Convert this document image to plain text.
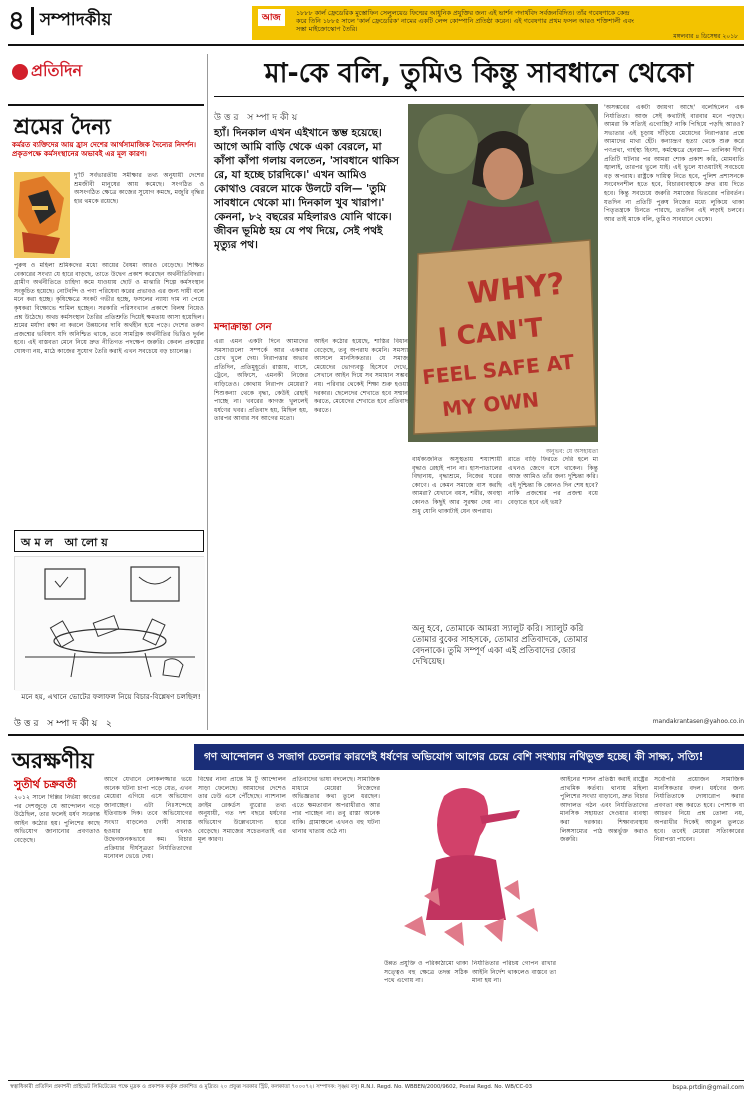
৪ সম্পাদকীয়	আজ	১৮৮৮ কার্ল ফ্রেডেরিক মুস্তোফিন সেলুলয়েড ফিল্মের আধুনিক প্রযুক্তির জন্য এই ভার্শন পদার্থবিদ সর্বজনবিদিত। তাঁর গবেষণাকে কেন্দ্র করে তিনি ১৮৮৫ সালে 'কার্ল ফ্রেডেরিক' নামের একটি লেন্স কোম্পানি প্রতিষ্ঠা করেন। এই গবেষণার প্রথম ফসল আরও শক্তিশালী এবং সস্তা মাইক্রোস্কোপ তৈরি।
মঙ্গলবার ৪ ডিসেম্বর ২০১৮
প্রতিদিন
শ্রমের দৈন্য
কর্মরত ব্যক্তিদের আয় হ্রাস দেশের আর্থসামাজিক দৈন্যের নিদর্শন। প্রকৃতপক্ষে কর্মসংস্থানের অভাবই এর মূল কারণ।
দু'টি সর্বভারতীয় সমীক্ষার তথ্য অনুযায়ী দেশের শ্রমজীবী মানুষের আয় কমেছে। সংগঠিত ও অসংগঠিত ক্ষেত্রে কাজের সুযোগ কমছে, মজুরি বৃদ্ধির হার থমকে রয়েছে।
পুরুষ ও মহিলা শ্রমিকদের মধ্যে আয়ের বৈষম্য আরও বেড়েছে। শিক্ষিত বেকারের সংখ্যা যে হারে বাড়ছে, তাতে উদ্বেগ প্রকাশ করেছেন অর্থনীতিবিদরা। গ্রামীণ অর্থনীতিতে চাহিদা কমে যাওয়ায় ছোট ও মাঝারি শিল্পে কর্মসংস্থান সংকুচিত হয়েছে। নোটবন্দি ও পণ্য পরিষেবা করের প্রভাবও এর জন্য দায়ী বলে মনে করা হচ্ছে। কৃষিক্ষেত্রে সংকট গভীর হচ্ছে, ফসলের ন্যায্য দাম না পেয়ে কৃষকরা বিক্ষোভে শামিল হচ্ছেন। সরকারি পরিসংখ্যান প্রকাশে বিলম্ব নিয়েও প্রশ্ন উঠেছে। অথচ কর্মসংস্থান তৈরির প্রতিশ্রুতি দিয়েই ক্ষমতায় আসা হয়েছিল। শ্রমের মর্যাদা রক্ষা না করলে উন্নয়নের দাবি অর্থহীন হয়ে পড়ে। দেশের তরুণ প্রজন্মের ভবিষ্যৎ যদি অনিশ্চিত থাকে, তবে সামগ্রিক অর্থনীতির ভিত্তিও দুর্বল হবে। এই বাস্তবতা মেনে নিয়ে দ্রুত নীতিগত পদক্ষেপ জরুরি। কেবল প্রকল্পের ঘোষণা নয়, মাঠে কাজের সুযোগ তৈরি করাই এখন সবচেয়ে বড় চ্যালেঞ্জ।
অমল আলোয়
মনে হয়, এখানে ভোটের ফলাফল নিয়ে বিচার-বিশ্লেষণ চলছিল!
উত্তর সম্পাদকীয় ২
মা-কে বলি, তুমিও কিন্তু সাবধানে থেকো
উত্তর সম্পাদকীয়
হ্যাঁ। দিনকাল এখন এইখানে স্তম্ভ হয়েছে। আগে আমি বাড়ি থেকে একা বেরলে, মা কাঁপা কাঁপা গলায় বলতেন, 'সাবধানে থাকিস রে, যা হচ্ছে চারদিকে।' এখন আমিও কোথাও বেরলে মাকে উলটে বলি— 'তুমি সাবধানে থেকো মা। দিনকাল খুব খারাপ।' কেননা, ৮২ বছরের মহিলারও যোনি থাকে। জীবন ভূমিষ্ঠ হয় যে পথ দিয়ে, সেই পথই মৃত্যুর পথ।
মন্দাক্রান্তা সেন
এরা এমন একটা দিনে আমাদের সমস্যাগুলো সম্পর্কে আর একবার চোখ খুলে দেয়। নিরাপত্তার অভাব প্রতিদিন, প্রতিমুহূর্তে। রাস্তায়, বাসে, ট্রেনে, অফিসে, এমনকী নিজের বাড়িতেও। কোথায় নিরাপদ মেয়েরা? শিশুকন্যা থেকে বৃদ্ধা, কেউই রেহাই পাচ্ছে না। খবরের কাগজ খুললেই ধর্ষণের খবর। প্রতিবাদ হয়, মিছিল হয়, তারপর আবার সব আগের মতো।
আইন কঠোর হয়েছে, শাস্তির বিধান বেড়েছে, তবু অপরাধ কমেনি। সমস্যা আসলে মানসিকতার। যে সমাজ মেয়েদের ভোগ্যবস্তু হিসেবে দেখে, সেখানে আইন দিয়ে সব সমাধান সম্ভব নয়। পরিবার থেকেই শিক্ষা শুরু হওয়া দরকার। ছেলেদের শেখাতে হবে সম্মান করতে, মেয়েদের শেখাতে হবে প্রতিবাদ করতে।
WHY?
I CAN'T
FEEL SAFE AT
MY OWN
অনুভব: যে অসহায়তা
বার্ধক্যজনিত অসুস্থতায় শয্যাশায়ী বৃদ্ধাও রেহাই পান না। হাসপাতালের বিছানায়, বৃদ্ধাশ্রমে, নিজের ঘরের কোণে। এ কেমন সমাজে বাস করছি আমরা? যেখানে বয়স, শরীর, অবস্থা কোনও কিছুই আর সুরক্ষা দেয় না। শুধু যোনি থাকাটাই যেন অপরাধ।
রাতে বাড়ি ফিরতে দেরি হলে মা এখনও জেগে বসে থাকেন। কিন্তু আজ আমিও তাঁর জন্য দুশ্চিন্তা করি। এই দুশ্চিন্তা কি কোনও দিন শেষ হবে? নাকি প্রজন্মের পর প্রজন্ম বয়ে বেড়াতে হবে এই ভয়?
অনু হবে, তোমাকে আমরা স্যালুট করি। স্যালুট করি তোমার বুকের সাহসকে, তোমার প্রতিবাদকে, তোমার বেদনাকে। তুমি সম্পূর্ণ একা এই প্রতিবাদের জোর দেখিয়েছ।
'অসম্ভবের একটা জায়গা আছে' বলেছিলেন এক নির্যাতিতা। আজ সেই কথাটাই বারবার মনে পড়ছে। আমরা কি সত্যিই এগোচ্ছি? নাকি পিছিয়ে পড়ছি আরও? সভ্যতার এই চূড়ায় দাঁড়িয়ে মেয়েদের নিরাপত্তার প্রশ্নে আমাদের মাথা হেঁট। কন্যাভ্রূণ হত্যা থেকে শুরু করে পণপ্রথা, গার্হস্থ্য হিংসা, কর্মক্ষেত্রে হেনস্তা— তালিকা দীর্ঘ। প্রতিটি ঘটনার পর আমরা শোক প্রকাশ করি, মোমবাতি জ্বালাই, তারপর ভুলে যাই। এই ভুলে যাওয়াটাই সবচেয়ে বড় অপরাধ। রাষ্ট্রকে দায়িত্ব নিতে হবে, পুলিশ প্রশাসনকে সংবেদনশীল হতে হবে, বিচারব্যবস্থাকে দ্রুত রায় দিতে হবে। কিন্তু সবচেয়ে জরুরি সমাজের ভিতরের পরিবর্তন। যতদিন না প্রতিটি পুরুষ নিজের মধ্যে লুকিয়ে থাকা পিতৃতন্ত্রকে চিনতে পারছে, ততদিন এই লড়াই চলবে। আর তাই মাকে বলি, তুমিও সাবধানে থেকো।
mandakrantasen@yahoo.co.in
অরক্ষণীয়	গণ আন্দোলন ও সজাগ চেতনার কারণেই ধর্ষণের অভিযোগ আগের চেয়ে বেশি সংখ্যায় নথিভুক্ত হচ্ছে। কী সাক্ষ্য, সত্যি!
সুতীর্থ চক্রবর্তী
২০১২ সালে দিল্লির নির্ভয়া কাণ্ডের পর দেশজুড়ে যে আন্দোলন গড়ে উঠেছিল, তার ফলেই ধর্ষণ সংক্রান্ত আইন কঠোর হয়। পুলিশের কাছে অভিযোগ জানানোর প্রবণতাও বেড়েছে।
আগে যেখানে লোকলজ্জার ভয়ে অনেক ঘটনা চাপা পড়ে যেত, এখন মেয়েরা এগিয়ে এসে অভিযোগ জানাচ্ছেন। এটা নিঃসন্দেহে ইতিবাচক দিক। তবে অভিযোগের সংখ্যা বাড়লেও দোষী সাব্যস্ত হওয়ার হার এখনও উদ্বেগজনকভাবে কম। বিচার প্রক্রিয়ার দীর্ঘসূত্রতা নির্যাতিতাদের মনোবল ভেঙে দেয়।
বিশ্বের নানা প্রান্তে মি টু আন্দোলন সাড়া ফেলেছে। আমাদের দেশেও তার ঢেউ এসে পৌঁছেছে। ন্যাশনাল ক্রাইম রেকর্ডস ব্যুরোর তথ্য অনুযায়ী, গত দশ বছরে ধর্ষণের অভিযোগ উল্লেখযোগ্য হারে বেড়েছে। সমাজের সচেতনতাই এর মূল কারণ।
প্রতিবাদের ভাষা বদলেছে। সামাজিক মাধ্যমে মেয়েরা নিজেদের অভিজ্ঞতার কথা তুলে ধরছেন। এতে ক্ষমতাবান অপরাধীরাও আর পার পাচ্ছেন না। তবু রাস্তা অনেক বাকি। গ্রামাঞ্চলে এখনও বহু ঘটনা থানার খাতায় ওঠে না।
উন্নত প্রযুক্তি ও পরিকাঠামো থাকা সত্ত্বেও বহু ক্ষেত্রে তদন্ত সঠিক পথে এগোয় না।
নির্যাতিতার পরিচয় গোপন রাখার আইনি নির্দেশ থাকলেও বাস্তবে তা মানা হয় না।
আইনের শাসন প্রতিষ্ঠা করাই রাষ্ট্রের প্রাথমিক কর্তব্য। থানায় মহিলা পুলিশের সংখ্যা বাড়ানো, দ্রুত বিচার আদালত গঠন এবং নির্যাতিতাদের মানসিক সহায়তা দেওয়ার ব্যবস্থা করা দরকার। শিক্ষাব্যবস্থায় লিঙ্গসাম্যের পাঠ অন্তর্ভুক্ত করাও জরুরি।
সর্বোপরি প্রয়োজন সামাজিক মানসিকতার বদল। ধর্ষণের জন্য নির্যাতিতাকে দোষারোপ করার প্রবণতা বন্ধ করতে হবে। পোশাক বা আচরণ নিয়ে প্রশ্ন তোলা নয়, অপরাধীর দিকেই আঙুল তুলতে হবে। তবেই মেয়েরা সত্যিকারের নিরাপত্তা পাবেন।
স্বত্বাধিকারী প্রতিদিন প্রকাশনী প্রাইভেট লিমিটেডের পক্ষে মুদ্রক ও প্রকাশক কর্তৃক প্রকাশিত ও মুদ্রিত। ২০ প্রফুল্ল সরকার স্ট্রিট, কলকাতা ৭০০০৭২। সম্পাদক: সৃঞ্জয় বসু। R.N.I. Regd. No. WBBEN/2000/9602, Postal Regd. No. WB/CC-03	bspa.prtdin@gmail.com
